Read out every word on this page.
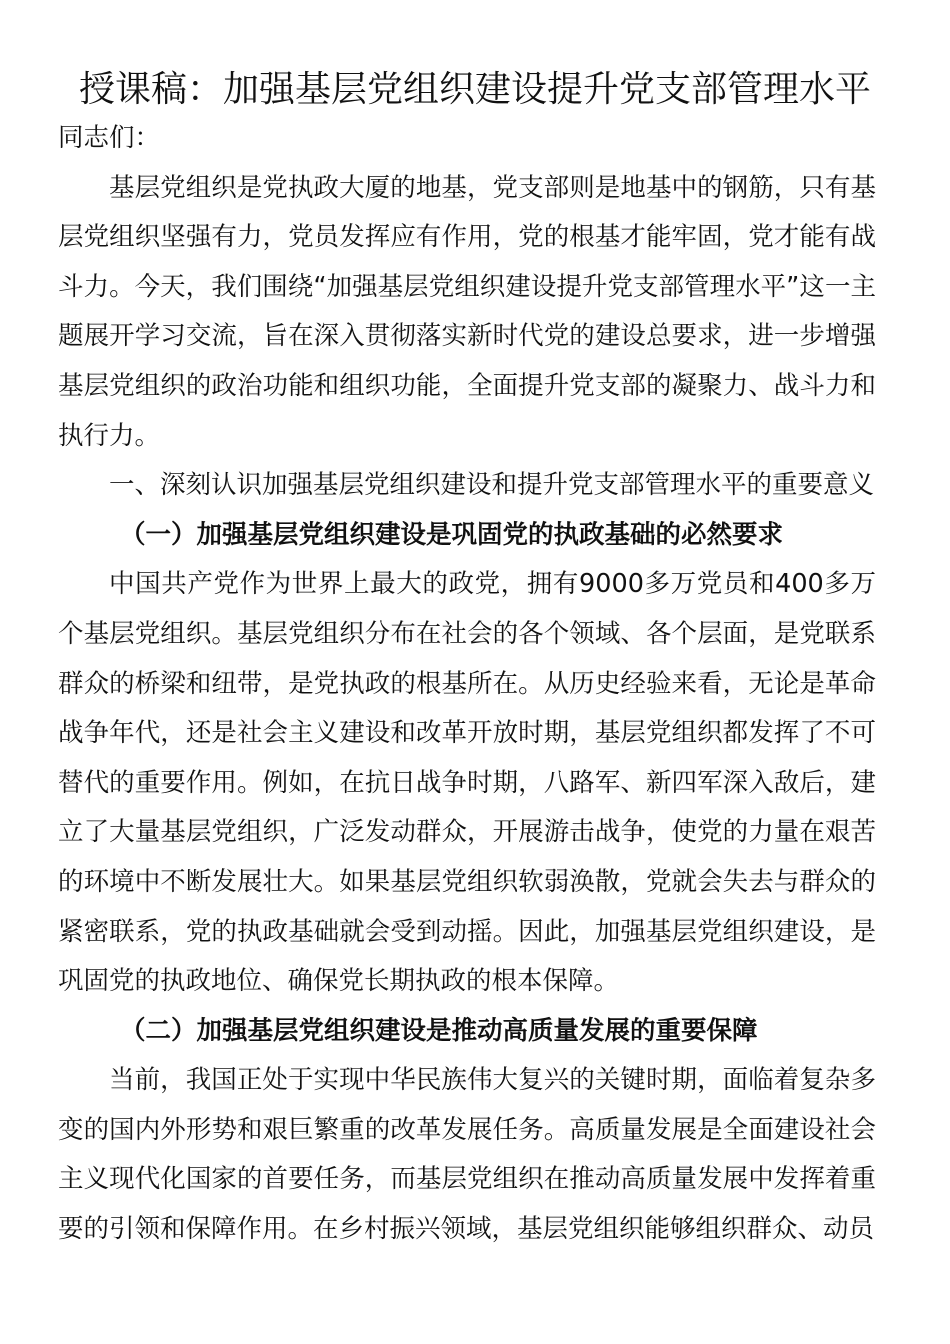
授课稿：加强基层党组织建设提升党支部管理水平

同志们：

基层党组织是党执政大厦的地基，党支部则是地基中的钢筋，只有基层党组织坚强有力，党员发挥应有作用，党的根基才能牢固，党才能有战斗力。今天，我们围绕“加强基层党组织建设提升党支部管理水平”这一主题展开学习交流，旨在深入贯彻落实新时代党的建设总要求，进一步增强基层党组织的政治功能和组织功能，全面提升党支部的凝聚力、战斗力和执行力。

一、深刻认识加强基层党组织建设和提升党支部管理水平的重要意义

（一）加强基层党组织建设是巩固党的执政基础的必然要求

中国共产党作为世界上最大的政党，拥有9000多万党员和400多万个基层党组织。基层党组织分布在社会的各个领域、各个层面，是党联系群众的桥梁和纽带，是党执政的根基所在。从历史经验来看，无论是革命战争年代，还是社会主义建设和改革开放时期，基层党组织都发挥了不可替代的重要作用。例如，在抗日战争时期，八路军、新四军深入敌后，建立了大量基层党组织，广泛发动群众，开展游击战争，使党的力量在艰苦的环境中不断发展壮大。如果基层党组织软弱涣散，党就会失去与群众的紧密联系，党的执政基础就会受到动摇。因此，加强基层党组织建设，是巩固党的执政地位、确保党长期执政的根本保障。

（二）加强基层党组织建设是推动高质量发展的重要保障

当前，我国正处于实现中华民族伟大复兴的关键时期，面临着复杂多变的国内外形势和艰巨繁重的改革发展任务。高质量发展是全面建设社会主义现代化国家的首要任务，而基层党组织在推动高质量发展中发挥着重要的引领和保障作用。在乡村振兴领域，基层党组织能够组织群众、动员
